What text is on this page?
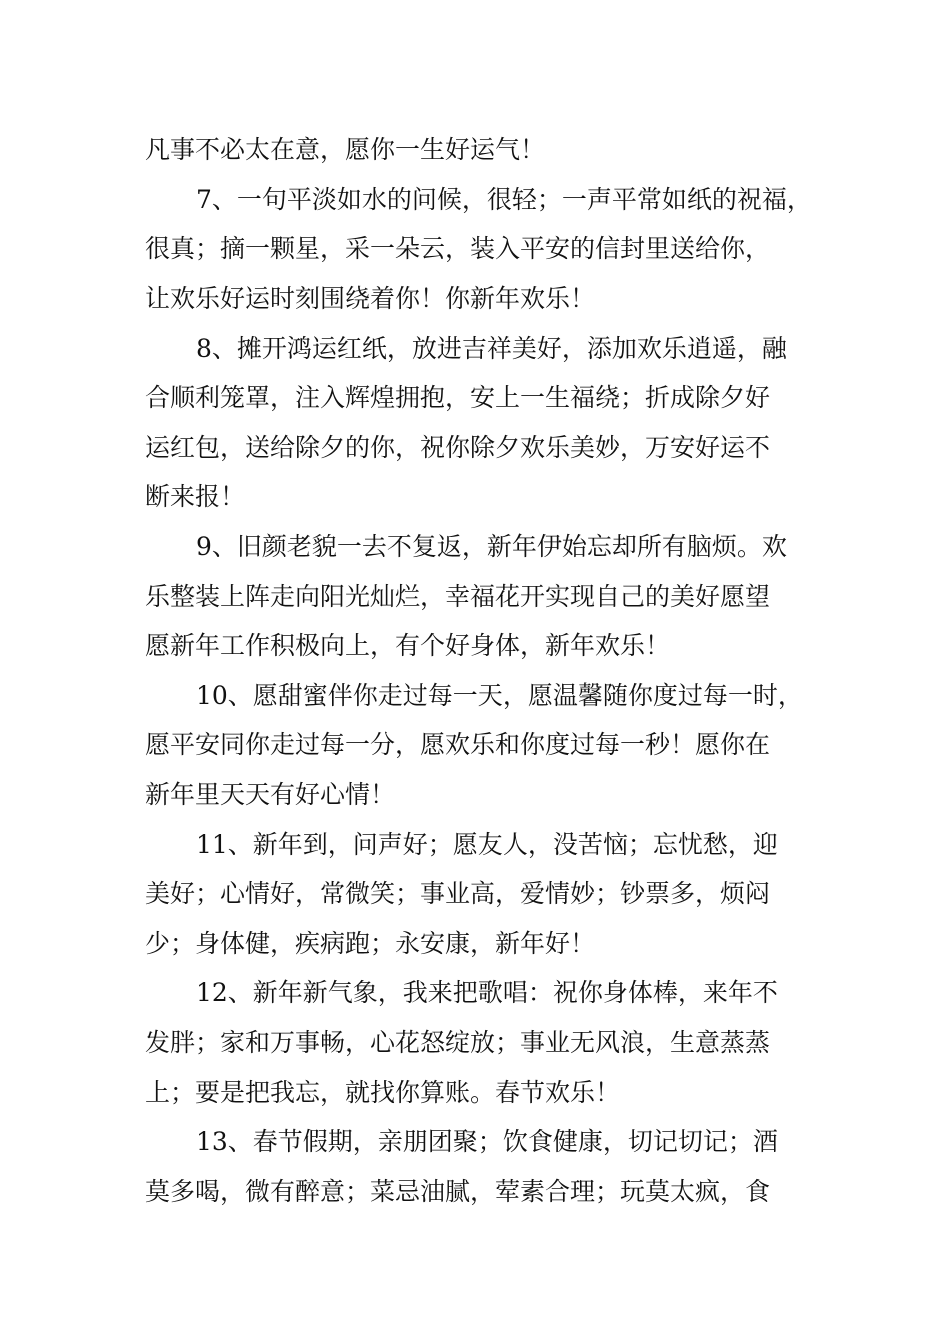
凡事不必太在意，愿你一生好运气！
7、一句平淡如水的问候，很轻；一声平常如纸的祝福，
很真；摘一颗星，采一朵云，装入平安的信封里送给你，
让欢乐好运时刻围绕着你！你新年欢乐！
8、摊开鸿运红纸，放进吉祥美好，添加欢乐逍遥，融
合顺利笼罩，注入辉煌拥抱，安上一生福绕；折成除夕好
运红包，送给除夕的你，祝你除夕欢乐美妙，万安好运不
断来报！
9、旧颜老貌一去不复返，新年伊始忘却所有脑烦。欢
乐整装上阵走向阳光灿烂，幸福花开实现自己的美好愿望
愿新年工作积极向上，有个好身体，新年欢乐！
10、愿甜蜜伴你走过每一天，愿温馨随你度过每一时，
愿平安同你走过每一分，愿欢乐和你度过每一秒！愿你在
新年里天天有好心情！
11、新年到，问声好；愿友人，没苦恼；忘忧愁，迎
美好；心情好，常微笑；事业高，爱情妙；钞票多，烦闷
少；身体健，疾病跑；永安康，新年好！
12、新年新气象，我来把歌唱：祝你身体棒，来年不
发胖；家和万事畅，心花怒绽放；事业无风浪，生意蒸蒸
上；要是把我忘，就找你算账。春节欢乐！
13、春节假期，亲朋团聚；饮食健康，切记切记；酒
莫多喝，微有醉意；菜忌油腻，荤素合理；玩莫太疯，食
